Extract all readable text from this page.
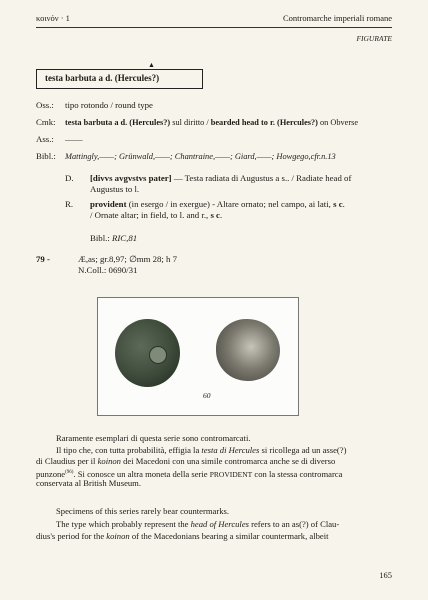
κοινόν · 1	Contromarche imperiali romane
FIGURATE
▲
testa barbuta a d. (Hercules?)
Oss.: tipo rotondo / round type
Cmk: testa barbuta a d. (Hercules?) sul diritto / bearded head to r. (Hercules?) on Obverse
Ass.: ——
Bibl.: Mattingly,——; Grünwald,——; Chantraine,——; Giard,——; Howgego,cfr.n.13
D. [divvs avgvstvs pater] — Testa radiata di Augustus a s.. / Radiate head of
Augustus to l.
R. provident (in esergo / in exergue) - Altare ornato; nel campo, ai lati, s c.
/ Ornate altar; in field, to l. and r., s c.
Bibl.: RIC,81
79 -	Æ,as; gr.8,97; ∅mm 28; h 7
N.Coll.: 0690/31
60
Raramente esemplari di questa serie sono contromarcati.
Il tipo che, con tutta probabilità, effigia la testa di Hercules si ricollega ad un asse(?)
di Claudius per il koinon dei Macedoni con una simile contromarca anche se di diverso
punzone$^{(96)}$. Si conosce un altra moneta della serie PROVIDENT con la stessa contromarca
conservata al British Museum.
Specimens of this series rarely bear countermarks.
The type which probably represent the head of Hercules refers to an as(?) of Clau-
dius's period for the koinon of the Macedonians bearing a similar countermark, albeit
165
